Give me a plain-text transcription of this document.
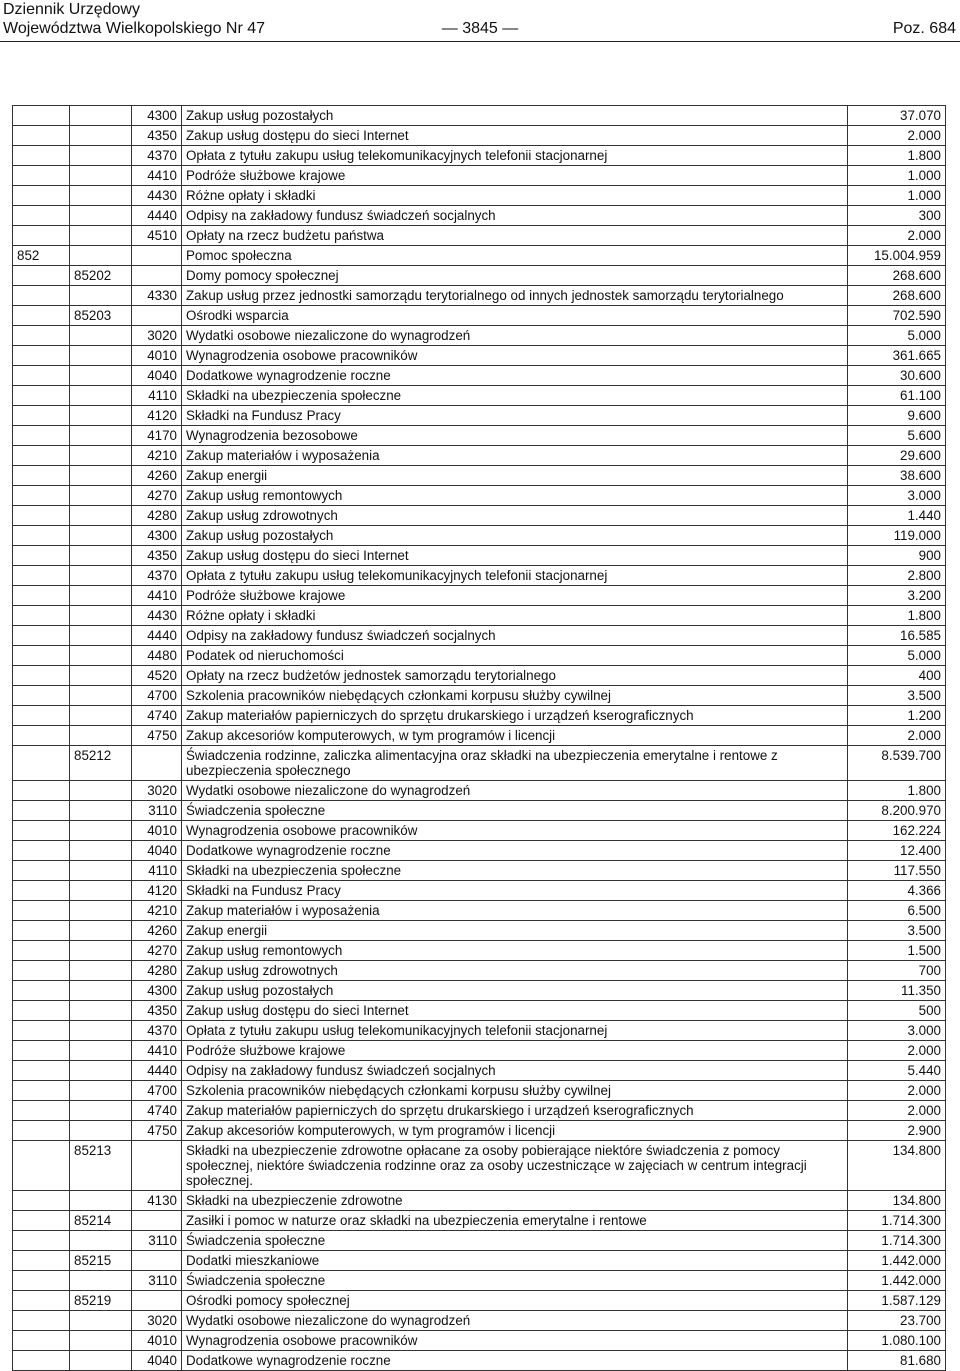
Dziennik Urzędowy
Województwa Wielkopolskiego Nr 47	— 3845 —	Poz. 684
		4300	Zakup usług pozostałych	37.070
		4350	Zakup usług dostępu do sieci Internet	2.000
		4370	Opłata z tytułu zakupu usług telekomunikacyjnych telefonii stacjonarnej	1.800
		4410	Podróże służbowe krajowe	1.000
		4430	Różne opłaty i składki	1.000
		4440	Odpisy na zakładowy fundusz świadczeń socjalnych	300
		4510	Opłaty na rzecz budżetu państwa	2.000
852			Pomoc społeczna	15.004.959
	85202		Domy pomocy społecznej	268.600
		4330	Zakup usług przez jednostki samorządu terytorialnego od innych jednostek samorządu terytorialnego	268.600
	85203		Ośrodki wsparcia	702.590
		3020	Wydatki osobowe niezaliczone do wynagrodzeń	5.000
		4010	Wynagrodzenia osobowe pracowników	361.665
		4040	Dodatkowe wynagrodzenie roczne	30.600
		4110	Składki na ubezpieczenia społeczne	61.100
		4120	Składki na Fundusz Pracy	9.600
		4170	Wynagrodzenia bezosobowe	5.600
		4210	Zakup materiałów i wyposażenia	29.600
		4260	Zakup energii	38.600
		4270	Zakup usług remontowych	3.000
		4280	Zakup usług zdrowotnych	1.440
		4300	Zakup usług pozostałych	119.000
		4350	Zakup usług dostępu do sieci Internet	900
		4370	Opłata z tytułu zakupu usług telekomunikacyjnych telefonii stacjonarnej	2.800
		4410	Podróże służbowe krajowe	3.200
		4430	Różne opłaty i składki	1.800
		4440	Odpisy na zakładowy fundusz świadczeń socjalnych	16.585
		4480	Podatek od nieruchomości	5.000
		4520	Opłaty na rzecz budżetów jednostek samorządu terytorialnego	400
		4700	Szkolenia pracowników niebędących członkami korpusu służby cywilnej	3.500
		4740	Zakup materiałów papierniczych do sprzętu drukarskiego i urządzeń kserograficznych	1.200
		4750	Zakup akcesoriów komputerowych, w tym programów i licencji	2.000
	85212		Świadczenia rodzinne, zaliczka alimentacyjna oraz składki na ubezpieczenia emerytalne i rentowe z ubezpieczenia społecznego	8.539.700
		3020	Wydatki osobowe niezaliczone do wynagrodzeń	1.800
		3110	Świadczenia społeczne	8.200.970
		4010	Wynagrodzenia osobowe pracowników	162.224
		4040	Dodatkowe wynagrodzenie roczne	12.400
		4110	Składki na ubezpieczenia społeczne	117.550
		4120	Składki na Fundusz Pracy	4.366
		4210	Zakup materiałów i wyposażenia	6.500
		4260	Zakup energii	3.500
		4270	Zakup usług remontowych	1.500
		4280	Zakup usług zdrowotnych	700
		4300	Zakup usług pozostałych	11.350
		4350	Zakup usług dostępu do sieci Internet	500
		4370	Opłata z tytułu zakupu usług telekomunikacyjnych telefonii stacjonarnej	3.000
		4410	Podróże służbowe krajowe	2.000
		4440	Odpisy na zakładowy fundusz świadczeń socjalnych	5.440
		4700	Szkolenia pracowników niebędących członkami korpusu służby cywilnej	2.000
		4740	Zakup materiałów papierniczych do sprzętu drukarskiego i urządzeń kserograficznych	2.000
		4750	Zakup akcesoriów komputerowych, w tym programów i licencji	2.900
	85213		Składki na ubezpieczenie zdrowotne opłacane za osoby pobierające niektóre świadczenia z pomocy społecznej, niektóre świadczenia rodzinne oraz za osoby uczestniczące w zajęciach w centrum integracji społecznej.	134.800
		4130	Składki na ubezpieczenie zdrowotne	134.800
	85214		Zasiłki i pomoc w naturze oraz składki na ubezpieczenia emerytalne i rentowe	1.714.300
		3110	Świadczenia społeczne	1.714.300
	85215		Dodatki mieszkaniowe	1.442.000
		3110	Świadczenia społeczne	1.442.000
	85219		Ośrodki pomocy społecznej	1.587.129
		3020	Wydatki osobowe niezaliczone do wynagrodzeń	23.700
		4010	Wynagrodzenia osobowe pracowników	1.080.100
		4040	Dodatkowe wynagrodzenie roczne	81.680
